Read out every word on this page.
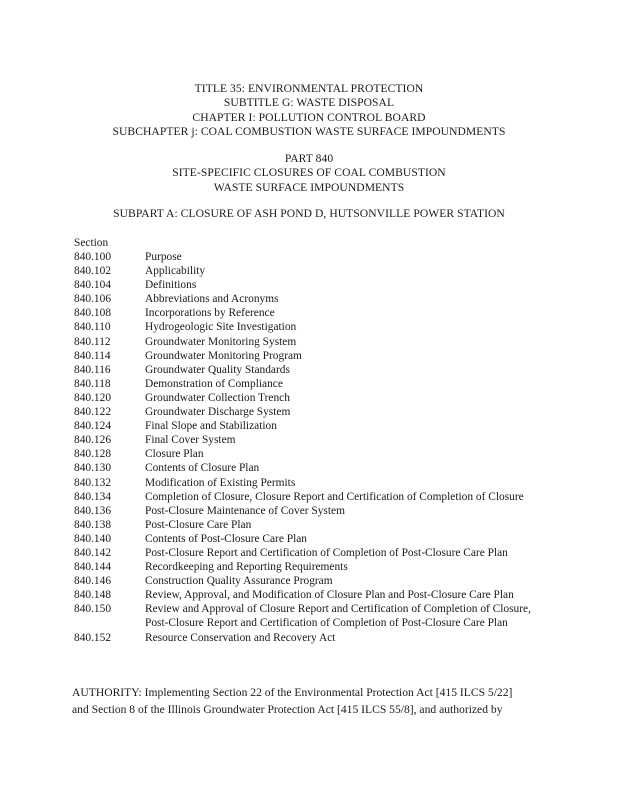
TITLE 35: ENVIRONMENTAL PROTECTION
SUBTITLE G: WASTE DISPOSAL
CHAPTER I: POLLUTION CONTROL BOARD
SUBCHAPTER j: COAL COMBUSTION WASTE SURFACE IMPOUNDMENTS
PART 840
SITE-SPECIFIC CLOSURES OF COAL COMBUSTION
WASTE SURFACE IMPOUNDMENTS
SUBPART A: CLOSURE OF ASH POND D, HUTSONVILLE POWER STATION
Section
840.100	Purpose
840.102	Applicability
840.104	Definitions
840.106	Abbreviations and Acronyms
840.108	Incorporations by Reference
840.110	Hydrogeologic Site Investigation
840.112	Groundwater Monitoring System
840.114	Groundwater Monitoring Program
840.116	Groundwater Quality Standards
840.118	Demonstration of Compliance
840.120	Groundwater Collection Trench
840.122	Groundwater Discharge System
840.124	Final Slope and Stabilization
840.126	Final Cover System
840.128	Closure Plan
840.130	Contents of Closure Plan
840.132	Modification of Existing Permits
840.134	Completion of Closure, Closure Report and Certification of Completion of Closure
840.136	Post-Closure Maintenance of Cover System
840.138	Post-Closure Care Plan
840.140	Contents of Post-Closure Care Plan
840.142	Post-Closure Report and Certification of Completion of Post-Closure Care Plan
840.144	Recordkeeping and Reporting Requirements
840.146	Construction Quality Assurance Program
840.148	Review, Approval, and Modification of Closure Plan and Post-Closure Care Plan
840.150	Review and Approval of Closure Report and Certification of Completion of Closure, Post-Closure Report and Certification of Completion of Post-Closure Care Plan
840.152	Resource Conservation and Recovery Act
AUTHORITY: Implementing Section 22 of the Environmental Protection Act [415 ILCS 5/22]
and Section 8 of the Illinois Groundwater Protection Act [415 ILCS 55/8], and authorized by
